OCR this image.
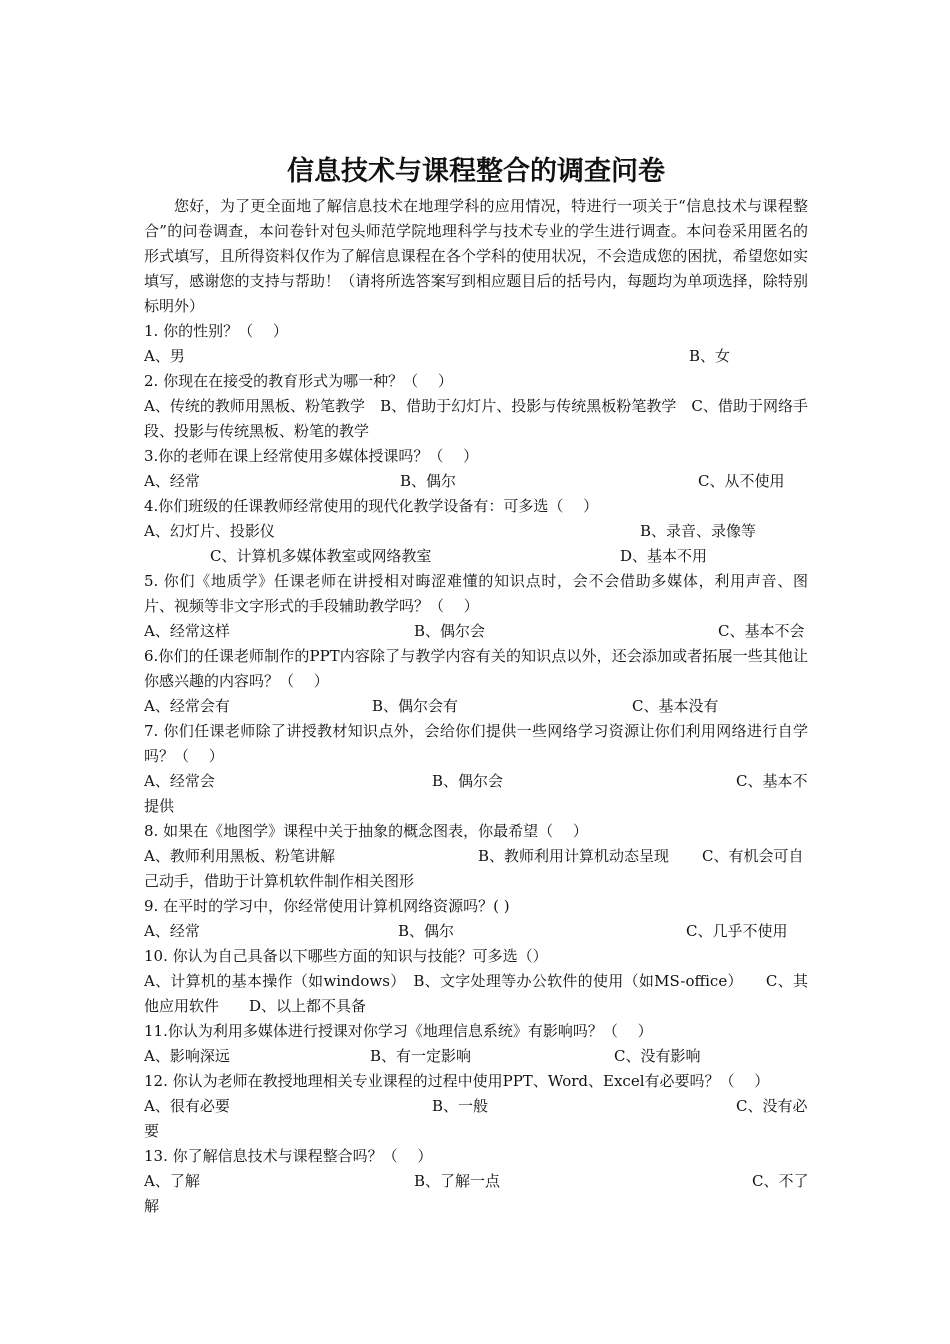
信息技术与课程整合的调查问卷

您好，为了更全面地了解信息技术在地理学科的应用情况，特进行一项关于“信息技术与课程整合”的问卷调查，本问卷针对包头师范学院地理科学与技术专业的学生进行调查。本问卷采用匿名的形式填写，且所得资料仅作为了解信息课程在各个学科的使用状况，不会造成您的困扰，希望您如实填写，感谢您的支持与帮助！（请将所选答案写到相应题目后的括号内，每题均为单项选择，除特别标明外）

1. 你的性别？（　 ）
A、男	B、女
2. 你现在在接受的教育形式为哪一种？（　 ）
A、传统的教师用黑板、粉笔教学　B、借助于幻灯片、投影与传统黑板粉笔教学　C、借助于网络手段、投影与传统黑板、粉笔的教学
3.你的老师在课上经常使用多媒体授课吗？（　 ）
A、经常	B、偶尔	C、从不使用
4.你们班级的任课教师经常使用的现代化教学设备有：可多选（　 ）
A、幻灯片、投影仪	B、录音、录像等
C、计算机多媒体教室或网络教室	D、基本不用
5. 你们《地质学》任课老师在讲授相对晦涩难懂的知识点时，会不会借助多媒体，利用声音、图片、视频等非文字形式的手段辅助教学吗？（　 ）
A、经常这样	B、偶尔会	C、基本不会
6.你们的任课老师制作的PPT内容除了与教学内容有关的知识点以外，还会添加或者拓展一些其他让你感兴趣的内容吗？（　 ）
A、经常会有	B、偶尔会有	C、基本没有
7. 你们任课老师除了讲授教材知识点外，会给你们提供一些网络学习资源让你们利用网络进行自学吗？（　 ）
A、经常会	B、偶尔会	C、基本不
提供
8. 如果在《地图学》课程中关于抽象的概念图表，你最希望（　 ）
A、教师利用黑板、粉笔讲解	B、教师利用计算机动态呈现 C、有机会可自
己动手，借助于计算机软件制作相关图形
9. 在平时的学习中，你经常使用计算机网络资源吗？( )
A、经常	B、偶尔	C、几乎不使用
10. 你认为自己具备以下哪些方面的知识与技能？可多选（）
A、计算机的基本操作（如windows）　B、文字处理等办公软件的使用（如MS-office）　　C、其他应用软件　　D、以上都不具备
11.你认为利用多媒体进行授课对你学习《地理信息系统》有影响吗？（　 ）
A、影响深远	B、有一定影响	C、没有影响
12. 你认为老师在教授地理相关专业课程的过程中使用PPT、Word、Excel有必要吗？（　 ）
A、很有必要	B、一般	C、没有必
要
13. 你了解信息技术与课程整合吗？（　 ）
A、了解	B、了解一点	C、不了
解
